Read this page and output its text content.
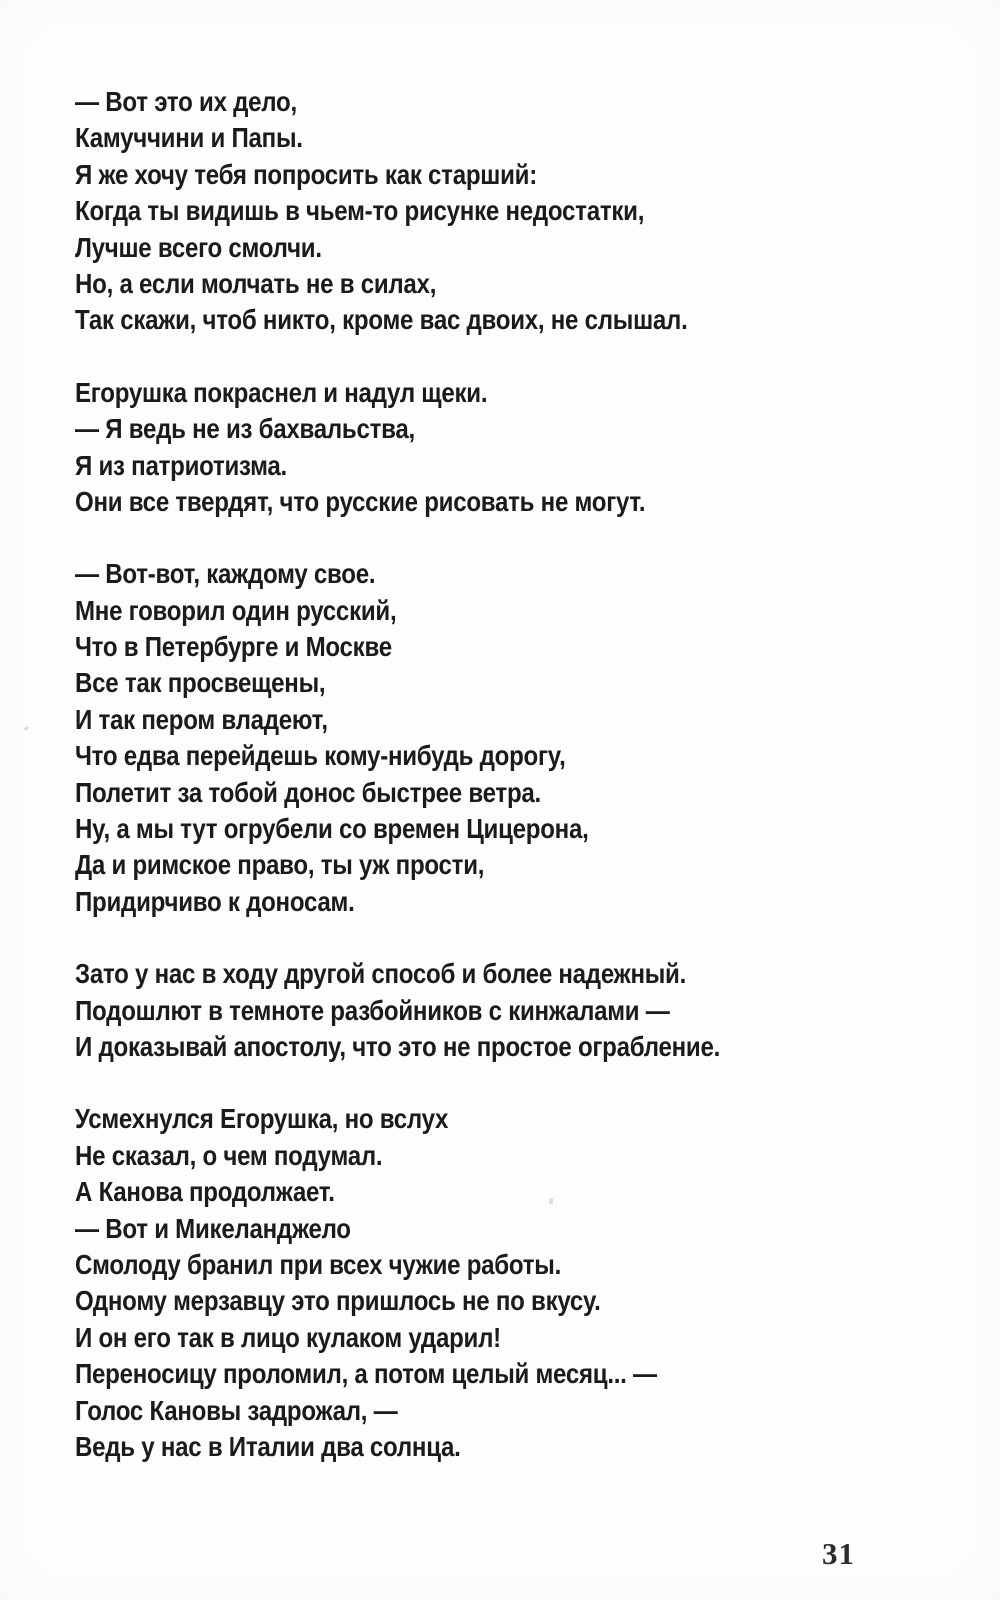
— Вот это их дело,
Камуччини и Папы.
Я же хочу тебя попросить как старший:
Когда ты видишь в чьем-то рисунке недостатки,
Лучше всего смолчи.
Но, а если молчать не в силах,
Так скажи, чтоб никто, кроме вас двоих, не слышал.
Егорушка покраснел и надул щеки.
— Я ведь не из бахвальства,
Я из патриотизма.
Они все твердят, что русские рисовать не могут.
— Вот-вот, каждому свое.
Мне говорил один русский,
Что в Петербурге и Москве
Все так просвещены,
И так пером владеют,
Что едва перейдешь кому-нибудь дорогу,
Полетит за тобой донос быстрее ветра.
Ну, а мы тут огрубели со времен Цицерона,
Да и римское право, ты уж прости,
Придирчиво к доносам.
Зато у нас в ходу другой способ и более надежный.
Подошлют в темноте разбойников с кинжалами —
И доказывай апостолу, что это не простое ограбление.
Усмехнулся Егорушка, но вслух
Не сказал, о чем подумал.
А Канова продолжает.
— Вот и Микеланджело
Смолоду бранил при всех чужие работы.
Одному мерзавцу это пришлось не по вкусу.
И он его так в лицо кулаком ударил!
Переносицу проломил, а потом целый месяц... —
Голос Кановы задрожал, —
Ведь у нас в Италии два солнца.
31
